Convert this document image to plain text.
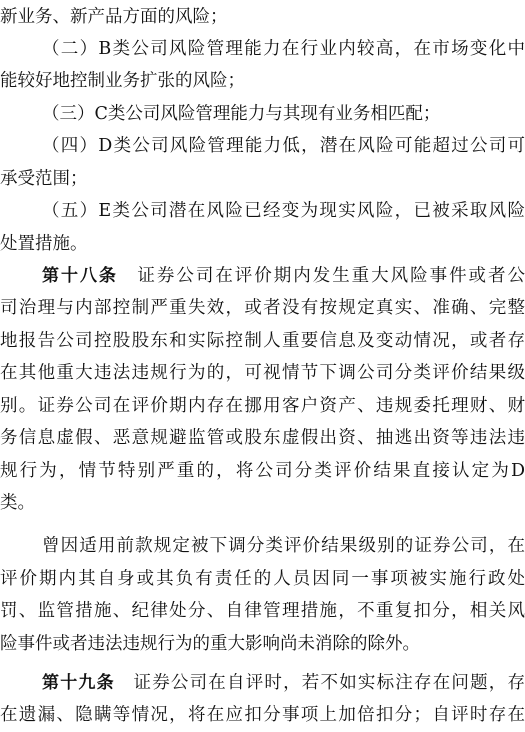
新业务、新产品方面的风险；
（二）B类公司风险管理能力在行业内较高，在市场变化中
能较好地控制业务扩张的风险；
（三）C类公司风险管理能力与其现有业务相匹配；
（四）D类公司风险管理能力低，潜在风险可能超过公司可
承受范围；
（五）E类公司潜在风险已经变为现实风险，已被采取风险
处置措施。
第十八条　证券公司在评价期内发生重大风险事件或者公
司治理与内部控制严重失效，或者没有按规定真实、准确、完整
地报告公司控股股东和实际控制人重要信息及变动情况，或者存
在其他重大违法违规行为的，可视情节下调公司分类评价结果级
别。证券公司在评价期内存在挪用客户资产、违规委托理财、财
务信息虚假、恶意规避监管或股东虚假出资、抽逃出资等违法违
规行为，情节特别严重的，将公司分类评价结果直接认定为D
类。
曾因适用前款规定被下调分类评价结果级别的证券公司，在
评价期内其自身或其负有责任的人员因同一事项被实施行政处
罚、监管措施、纪律处分、自律管理措施，不重复扣分，相关风
险事件或者违法违规行为的重大影响尚未消除的除外。
第十九条　证券公司在自评时，若不如实标注存在问题，存
在遗漏、隐瞒等情况，将在应扣分事项上加倍扣分；自评时存在
